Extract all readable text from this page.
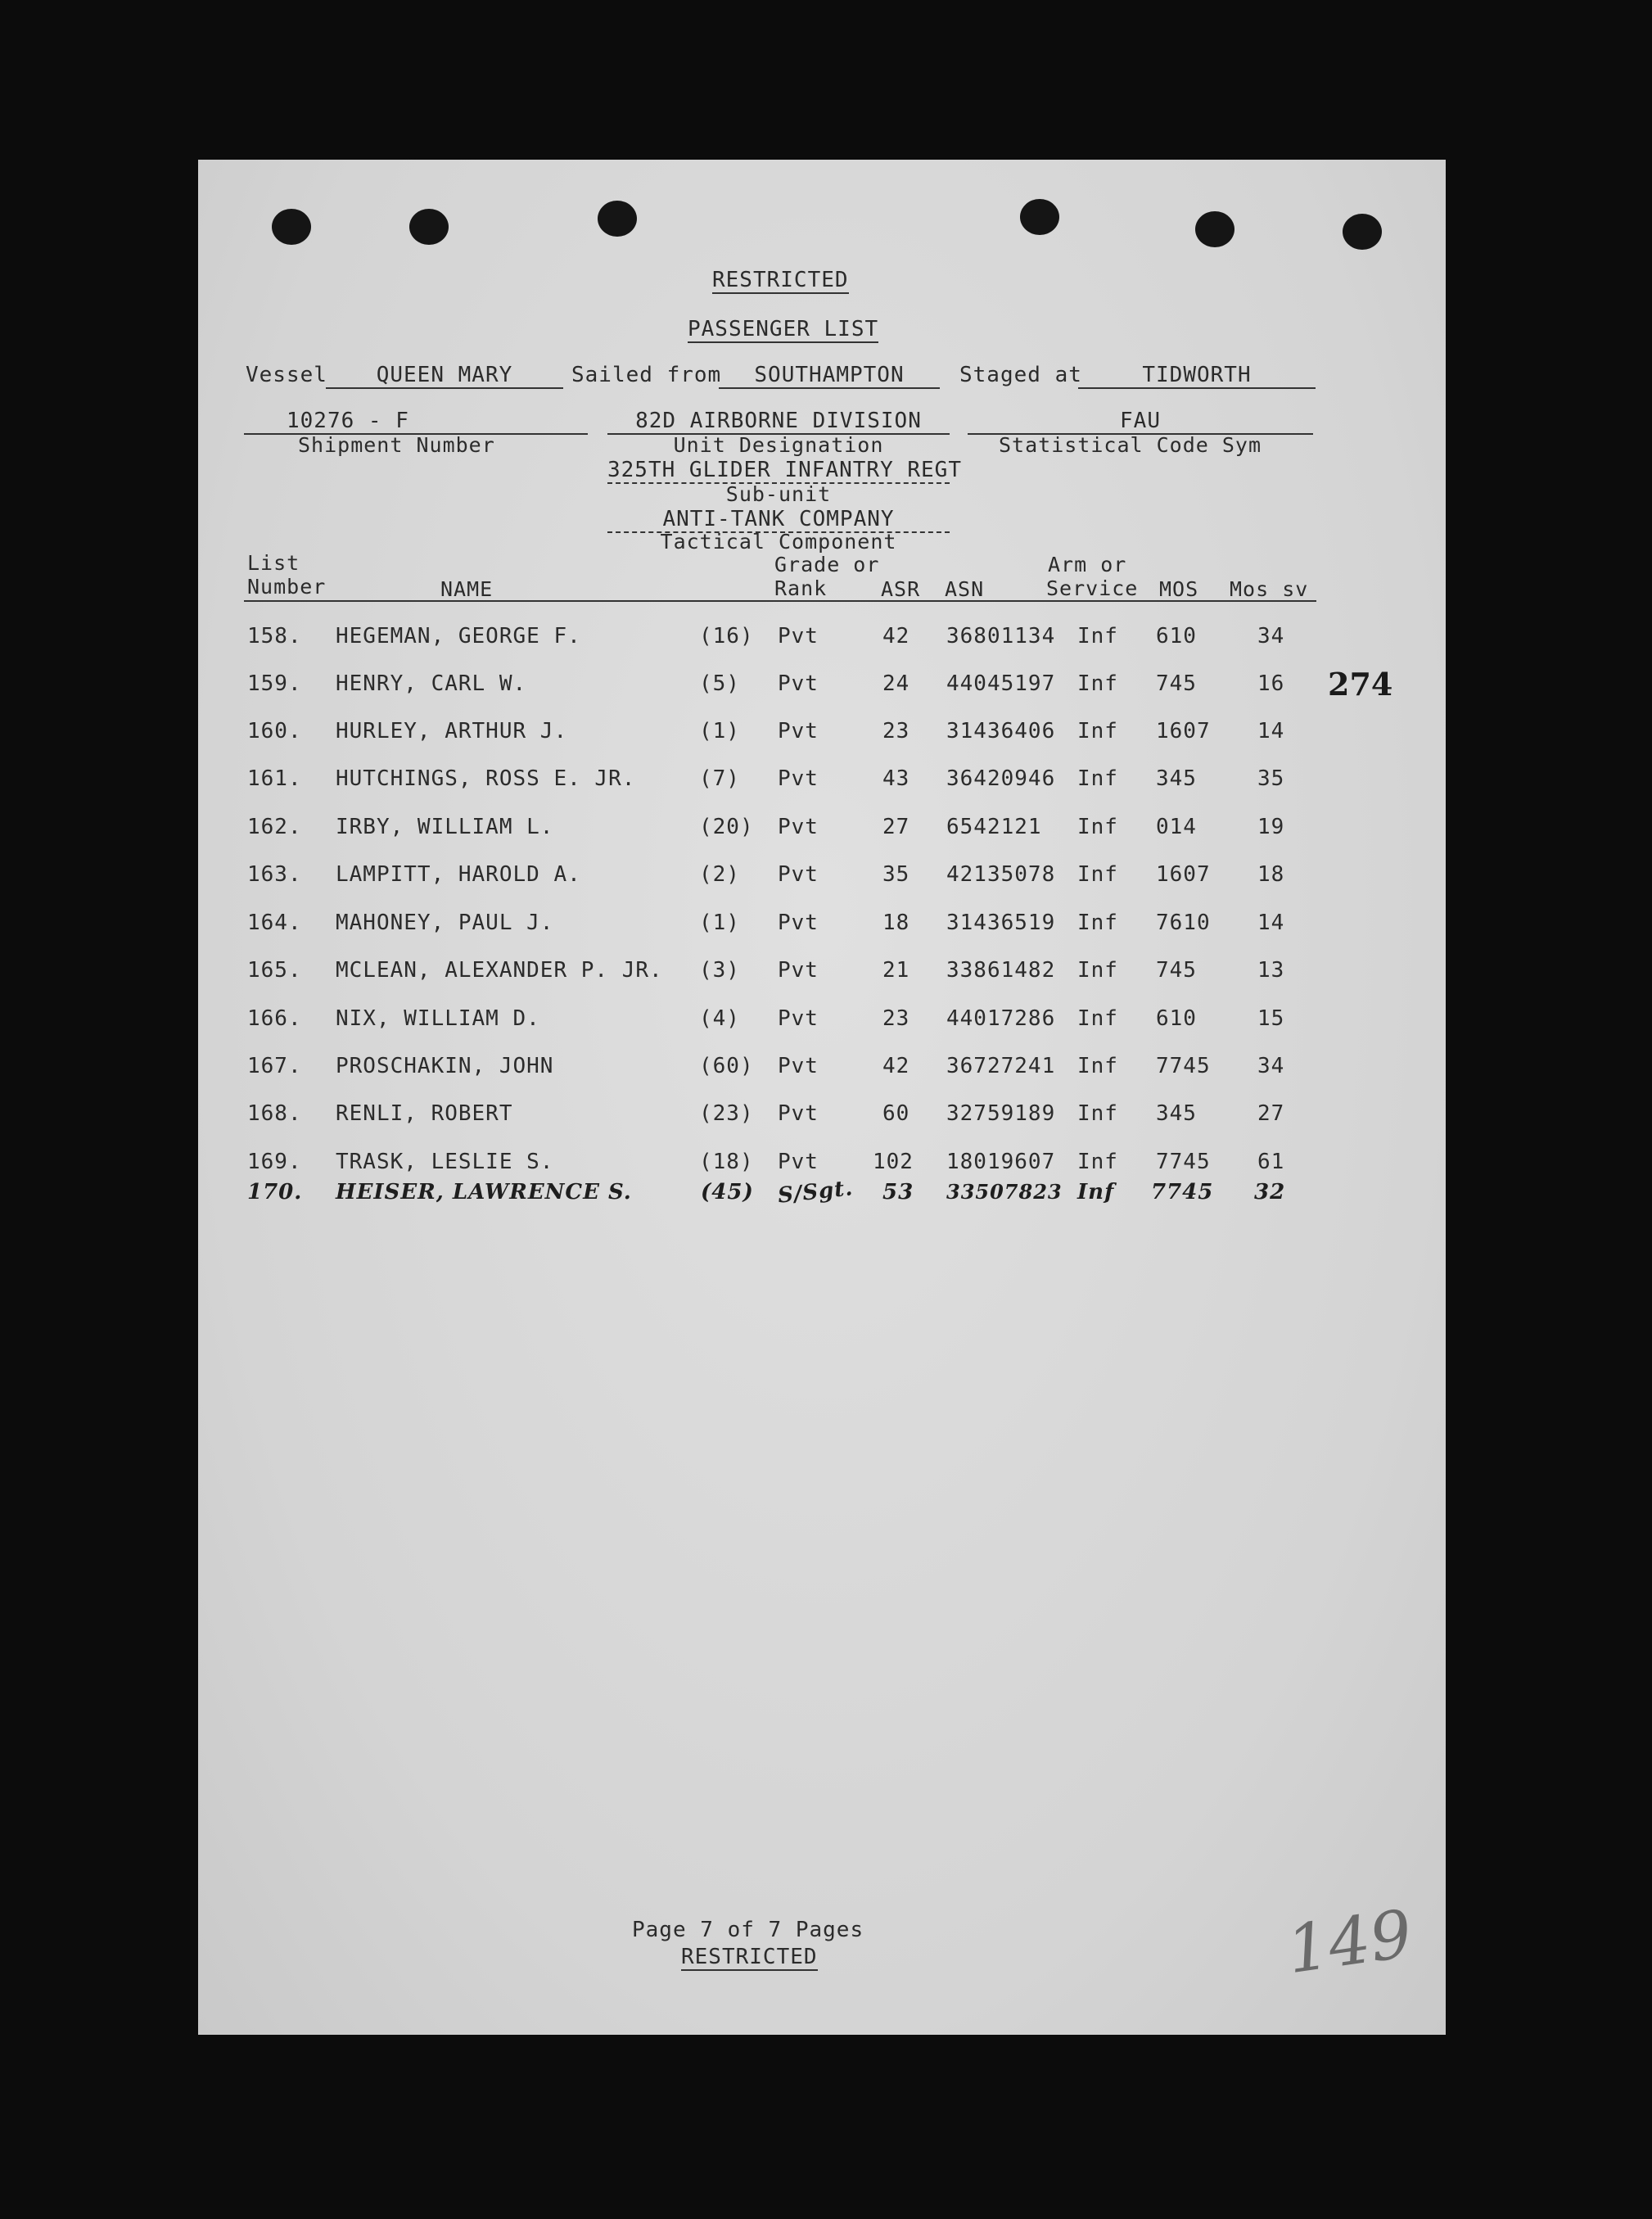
RESTRICTED
PASSENGER LIST
Vessel	QUEEN MARY	Sailed from	SOUTHAMPTON	Staged at	TIDWORTH
10276 - F
Shipment Number
82D AIRBORNE DIVISION
Unit Designation
325TH GLIDER INFANTRY REGT
Sub-unit
ANTI-TANK COMPANY
Tactical Component
FAU
Statistical Code Sym
List
Number	NAME
Grade or
Rank	ASR ASN
Arm or
Service MOS Mos sv
158. HEGEMAN, GEORGE F.	(16) Pvt	42 36801134 Inf 610	34
159. HENRY, CARL W.	(5) Pvt	24 44045197 Inf 745	16
160. HURLEY, ARTHUR J.	(1) Pvt	23 31436406 Inf 1607 14
161. HUTCHINGS, ROSS E. JR.	(7) Pvt	43 36420946 Inf 345	35
162. IRBY, WILLIAM L.	(20) Pvt	27 6542121 Inf 014	19
163. LAMPITT, HAROLD A.	(2) Pvt	35 42135078 Inf 1607 18
164. MAHONEY, PAUL J.	(1) Pvt	18 31436519 Inf 7610 14
165. MCLEAN, ALEXANDER P. JR. (3) Pvt	21 33861482 Inf 745	13
166. NIX, WILLIAM D.	(4) Pvt	23 44017286 Inf 610	15
167. PROSCHAKIN, JOHN	(60) Pvt	42 36727241 Inf 7745 34
168. RENLI, ROBERT	(23) Pvt	60 32759189 Inf 345	27
169. TRASK, LESLIE S.	(18) Pvt	102 18019607 Inf 7745 61
170. HEISER, LAWRENCE S.	(45) S/Sgt. 53 33507823 Inf 7745 32
274
Page 7 of 7 Pages
RESTRICTED	149
